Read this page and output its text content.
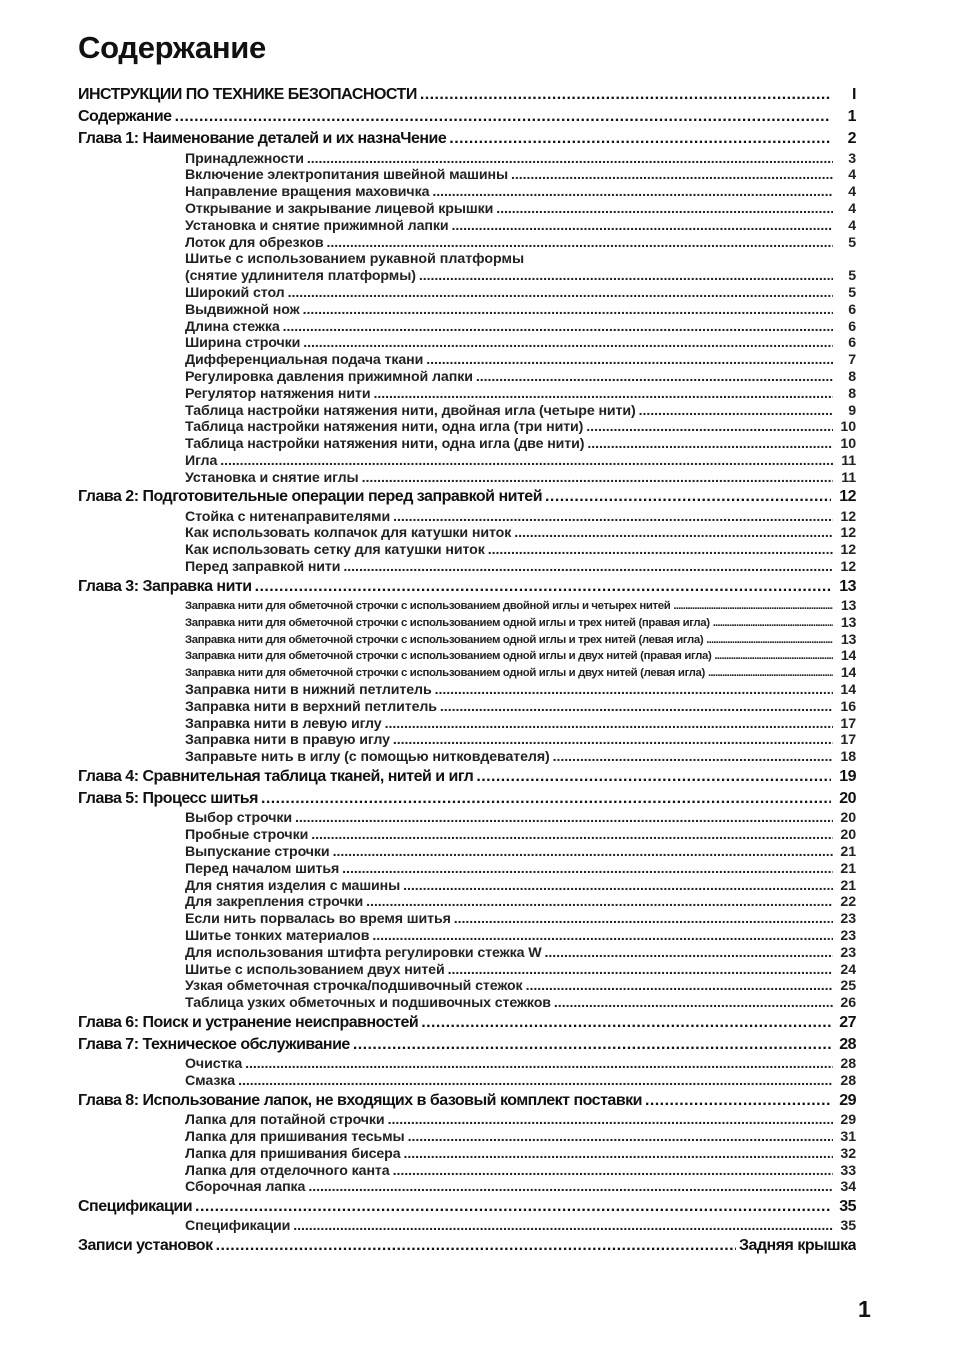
Содержание
ИНСТРУКЦИИ ПО ТЕХНИКЕ БЕЗОПАСНОСТИ . . .	I
Содержание . . .	1
Глава 1: Наименование деталей и их назнаЧение . . .	2
Принадлежности . . .	3
Включение электропитания швейной машины . . .	4
Направление вращения маховичка . . .	4
Открывание и закрывание лицевой крышки . . .	4
Установка и снятие прижимной лапки . . .	4
Лоток для обрезков . . .	5
Шитье с использованием рукавной платформы
(снятие удлинителя платформы) . . .	5
Широкий стол . . .	5
Выдвижной нож . . .	6
Длина стежка . . .	6
Ширина строчки . . .	6
Дифференциальная подача ткани . . .	7
Регулировка давления прижимной лапки . . .	8
Регулятор натяжения нити . . .	8
Таблица настройки натяжения нити, двойная игла (четыре нити) . . .	9
Таблица настройки натяжения нити, одна игла (три нити) . . .	10
Таблица настройки натяжения нити, одна игла (две нити) . . .	10
Игла . . .	11
Установка и снятие иглы . . .	11
Глава 2: Подготовительные операции перед заправкой нитей . . .	12
Стойка с нитенаправителями . . .	12
Как использовать колпачок для катушки ниток . . .	12
Как использовать сетку для катушки ниток . . .	12
Перед заправкой нити . . .	12
Глава 3: Заправка нити . . .	13
Заправка нити для обметочной строчки с использованием двойной иглы и четырех нитей . . .	13
Заправка нити для обметочной строчки с использованием одной иглы и трех нитей (правая игла) . . .	13
Заправка нити для обметочной строчки с использованием одной иглы и трех нитей (левая игла) . . .	13
Заправка нити для обметочной строчки с использованием одной иглы и двух нитей (правая игла) . . .	14
Заправка нити для обметочной строчки с использованием одной иглы и двух нитей (левая игла) . . .	14
Заправка нити в нижний петлитель . . .	14
Заправка нити в верхний петлитель . . .	16
Заправка нити в левую иглу . . .	17
Заправка нити в правую иглу . . .	17
Заправьте нить в иглу (с помощью нитковдевателя) . . .	18
Глава 4: Сравнительная таблица тканей, нитей и игл . . .	19
Глава 5: Процесс шитья . . .	20
Выбор строчки . . .	20
Пробные строчки . . .	20
Выпускание строчки . . .	21
Перед началом шитья . . .	21
Для снятия изделия с машины . . .	21
Для закрепления строчки . . .	22
Если нить порвалась во время шитья . . .	23
Шитье тонких материалов . . .	23
Для использования штифта регулировки стежка W . . .	23
Шитье с использованием двух нитей . . .	24
Узкая обметочная строчка/подшивочный стежок . . .	25
Таблица узких обметочных и подшивочных стежков . . .	26
Глава 6: Поиск и устранение неисправностей . . .	27
Глава 7: Техническое обслуживание . . .	28
Очистка . . .	28
Смазка . . .	28
Глава 8: Использование лапок, не входящих в базовый комплект поставки . . .	29
Лапка для потайной строчки . . .	29
Лапка для пришивания тесьмы . . .	31
Лапка для пришивания бисера . . .	32
Лапка для отделочного канта . . .	33
Сборочная лапка . . .	34
Спецификации . . .	35
Спецификации . . .	35
Записи установок . . .	Задняя крышка
1
